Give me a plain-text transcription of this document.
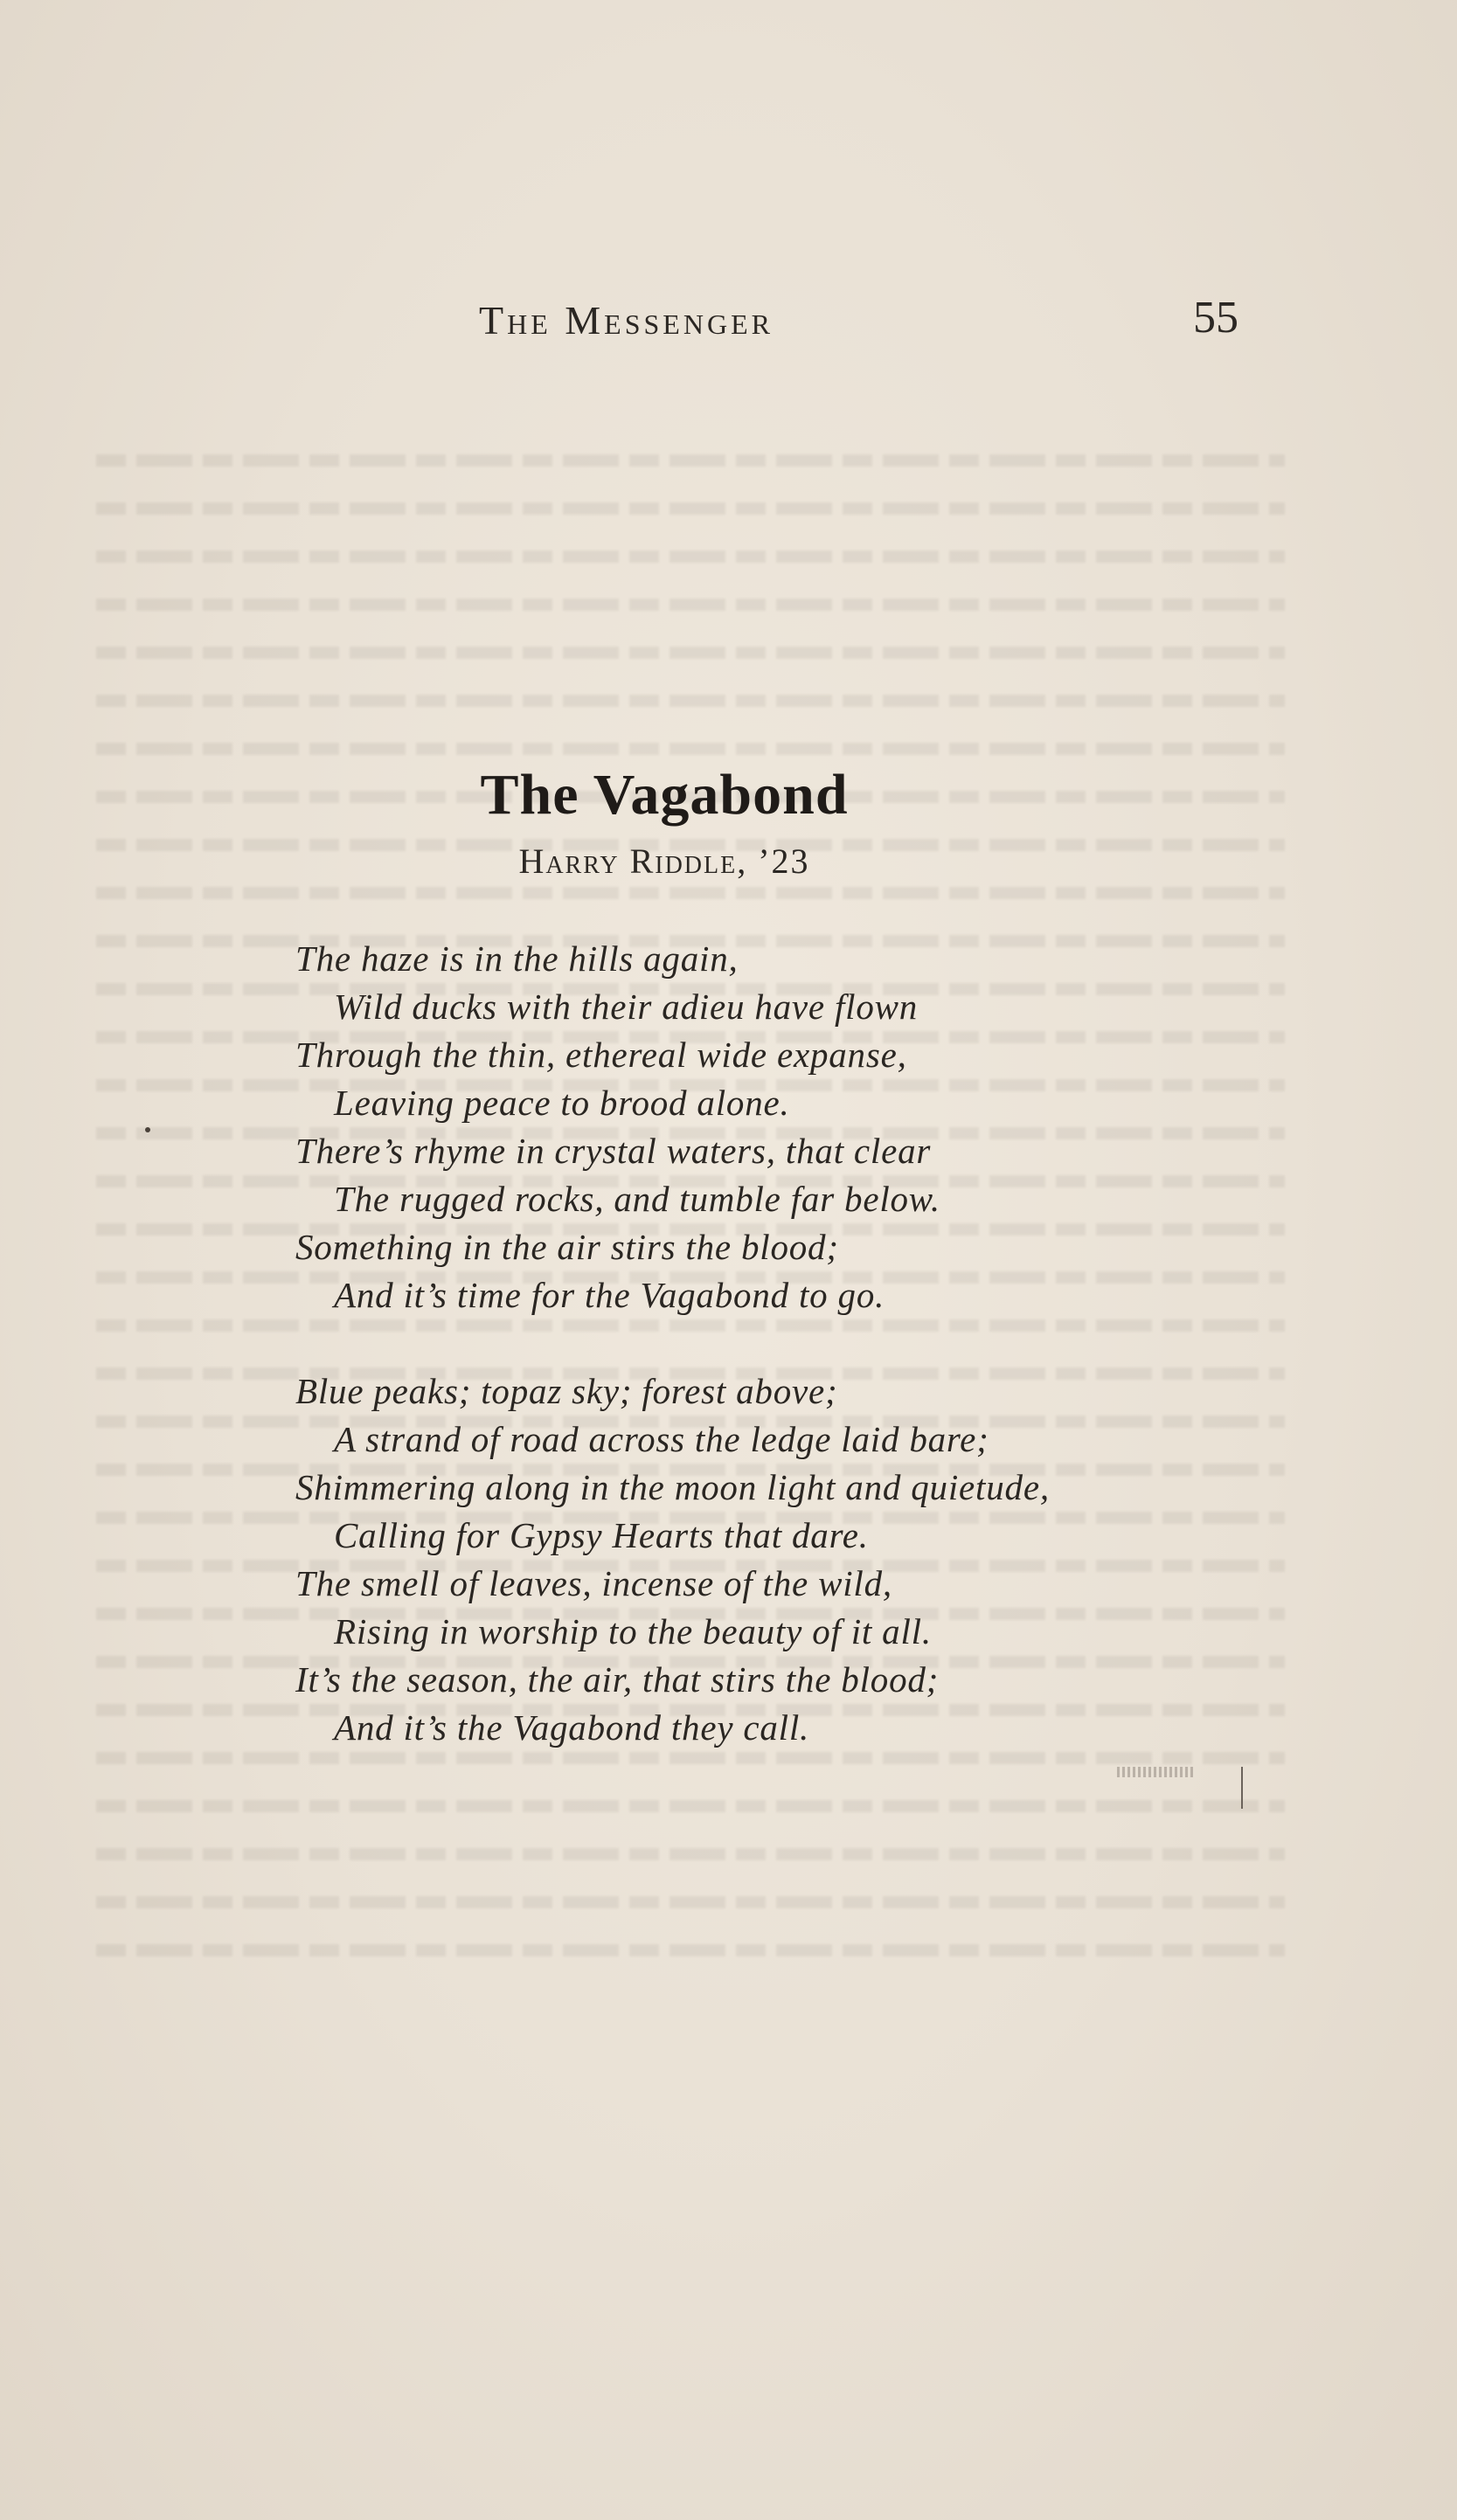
The Messenger	55
The Vagabond
Harry Riddle, ’23
The haze is in the hills again,
Wild ducks with their adieu have flown
Through the thin, ethereal wide expanse,
Leaving peace to brood alone.
There’s rhyme in crystal waters, that clear
The rugged rocks, and tumble far below.
Something in the air stirs the blood;
And it’s time for the Vagabond to go.
Blue peaks; topaz sky; forest above;
A strand of road across the ledge laid bare;
Shimmering along in the moon light and quietude,
Calling for Gypsy Hearts that dare.
The smell of leaves, incense of the wild,
Rising in worship to the beauty of it all.
It’s the season, the air, that stirs the blood;
And it’s the Vagabond they call.
